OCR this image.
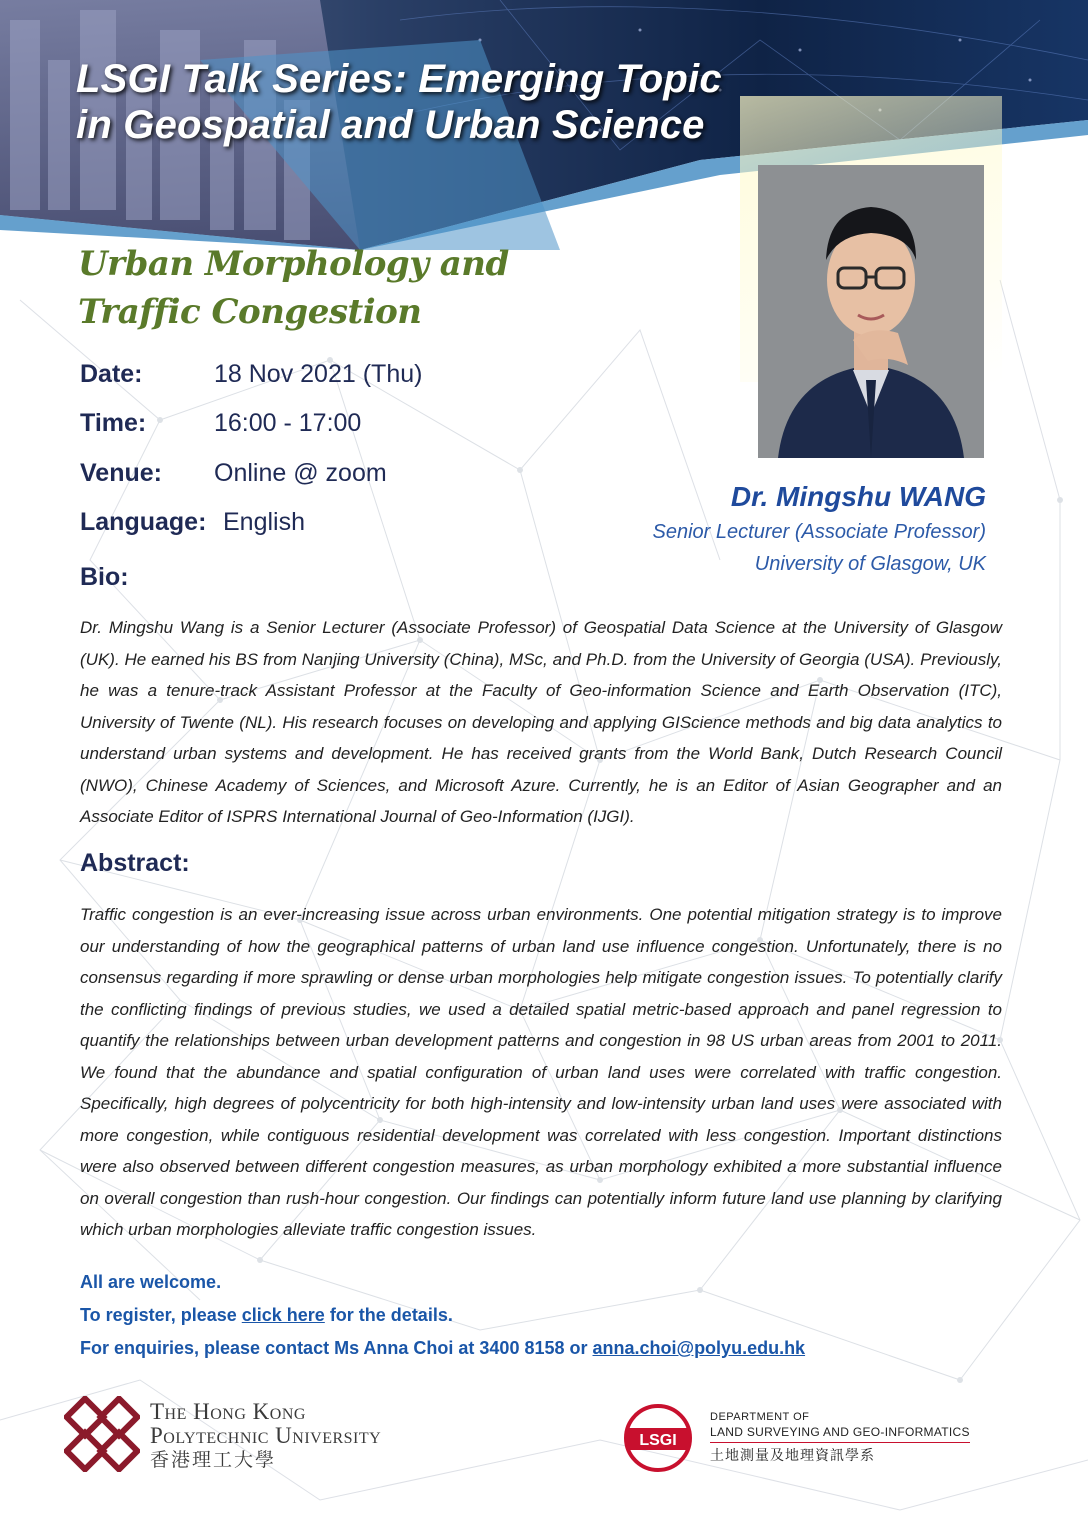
LSGI Talk Series: Emerging Topic
in Geospatial and Urban Science
Urban Morphology and
Traffic Congestion
Date:	18 Nov 2021 (Thu)
Time:	16:00 - 17:00
Venue: Online @ zoom
Language: English
Dr. Mingshu WANG
Senior Lecturer (Associate Professor)
University of Glasgow, UK
Bio:

Dr. Mingshu Wang is a Senior Lecturer (Associate Professor) of Geospatial Data Science at the University of Glasgow (UK). He earned his BS from Nanjing University (China), MSc, and Ph.D. from the University of Georgia (USA). Previously, he was a tenure-track Assistant Professor at the Faculty of Geo-information Science and Earth Observation (ITC), University of Twente (NL). His research focuses on developing and applying GIScience methods and big data analytics to understand urban systems and development. He has received grants from the World Bank, Dutch Research Council (NWO), Chinese Academy of Sciences, and Microsoft Azure. Currently, he is an Editor of Asian Geographer and an Associate Editor of ISPRS International Journal of Geo-Information (IJGI).

Abstract:

Traffic congestion is an ever-increasing issue across urban environments. One potential mitigation strategy is to improve our understanding of how the geographical patterns of urban land use influence congestion. Unfortunately, there is no consensus regarding if more sprawling or dense urban morphologies help mitigate congestion issues. To potentially clarify the conflicting findings of previous studies, we used a detailed spatial metric-based approach and panel regression to quantify the relationships between urban development patterns and congestion in 98 US urban areas from 2001 to 2011. We found that the abundance and spatial configuration of urban land uses were correlated with traffic congestion. Specifically, high degrees of polycentricity for both high-intensity and low-intensity urban land uses were associated with more congestion, while contiguous residential development was correlated with less congestion. Important distinctions were also observed between different congestion measures, as urban morphology exhibited a more substantial influence on overall congestion than rush-hour congestion. Our findings can potentially inform future land use planning by clarifying which urban morphologies alleviate traffic congestion issues.

All are welcome.
To register, please click here for the details.
For enquiries, please contact Ms Anna Choi at 3400 8158 or anna.choi@polyu.edu.hk
The Hong Kong
Polytechnic University
香港理工大學
LSGI
DEPARTMENT OF
LAND SURVEYING AND GEO-INFORMATICS
土地測量及地理資訊學系
